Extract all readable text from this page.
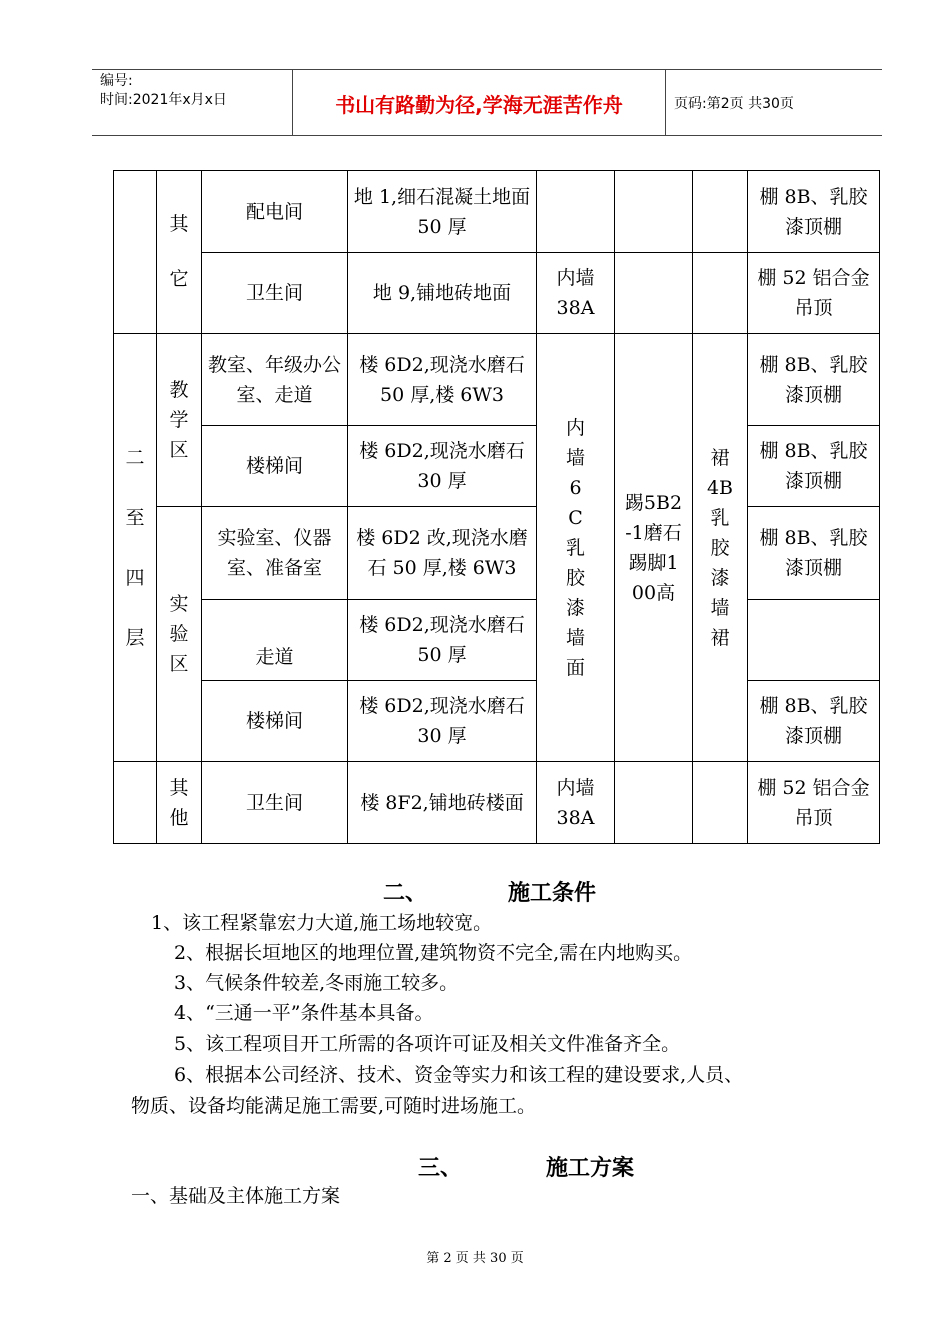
编号:
时间:2021年x月x日	书山有路勤为径,学海无涯苦作舟	页码:第2页 共30页

	其它	配电间	地 1,细石混凝土地面 50 厚				棚 8B、乳胶漆顶棚
		卫生间	地 9,铺地砖地面	内墙38A			棚 52 铝合金吊顶

二至四层	教学区	教室、年级办公室、走道	楼 6D2,现浇水磨石 50 厚,楼 6W3	内墙6C乳胶漆墙面	踢5B2-1磨石踢脚100高	裙4B乳胶漆墙裙	棚 8B、乳胶漆顶棚
		楼梯间	楼 6D2,现浇水磨石 30 厚				棚 8B、乳胶漆顶棚

	实验区	实验室、仪器室、准备室	楼 6D2 改,现浇水磨石 50 厚,楼 6W3				棚 8B、乳胶漆顶棚
		走道	楼 6D2,现浇水磨石 50 厚				
		楼梯间	楼 6D2,现浇水磨石 30 厚				棚 8B、乳胶漆顶棚

	其他	卫生间	楼 8F2,铺地砖楼面	内墙38A			棚 52 铝合金吊顶
二、	施工条件
1、该工程紧靠宏力大道,施工场地较宽。
2、根据长垣地区的地理位置,建筑物资不完全,需在内地购买。
3、气候条件较差,冬雨施工较多。
4、“三通一平”条件基本具备。
5、该工程项目开工所需的各项许可证及相关文件准备齐全。
6、根据本公司经济、技术、资金等实力和该工程的建设要求,人员、
物质、设备均能满足施工需要,可随时进场施工。
三、	施工方案
一、基础及主体施工方案
第 2 页 共 30 页
